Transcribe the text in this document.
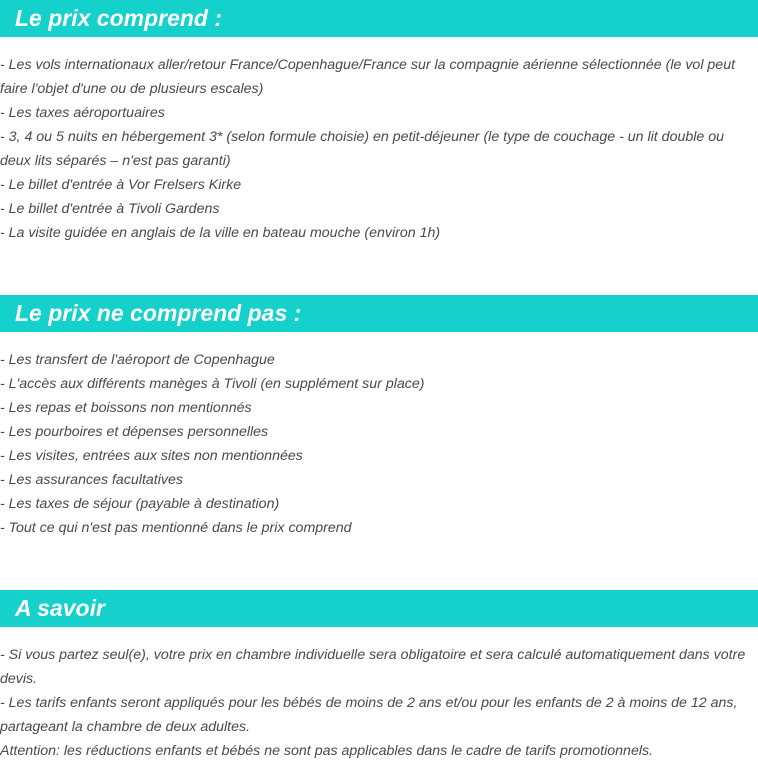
Le prix comprend :
- Les vols internationaux aller/retour France/Copenhague/France sur la compagnie aérienne sélectionnée (le vol peut faire l'objet d'une ou de plusieurs escales)
- Les taxes aéroportuaires
- 3, 4 ou 5 nuits en hébergement 3* (selon formule choisie) en petit-déjeuner (le type de couchage - un lit double ou deux lits séparés – n'est pas garanti)
- Le billet d'entrée à Vor Frelsers Kirke
- Le billet d'entrée à Tivoli Gardens
- La visite guidée en anglais de la ville en bateau mouche (environ 1h)
Le prix ne comprend pas :
- Les transfert de l'aéroport de Copenhague
- L'accès aux différents manèges à Tivoli (en supplément sur place)
- Les repas et boissons non mentionnés
- Les pourboires et dépenses personnelles
- Les visites, entrées aux sites non mentionnées
- Les assurances facultatives
- Les taxes de séjour (payable à destination)
- Tout ce qui n'est pas mentionné dans le prix comprend
A savoir
- Si vous partez seul(e), votre prix en chambre individuelle sera obligatoire et sera calculé automatiquement dans votre devis.
- Les tarifs enfants seront appliqués pour les bébés de moins de 2 ans et/ou pour les enfants de 2 à moins de 12 ans, partageant la chambre de deux adultes.
Attention: les réductions enfants et bébés ne sont pas applicables dans le cadre de tarifs promotionnels.
